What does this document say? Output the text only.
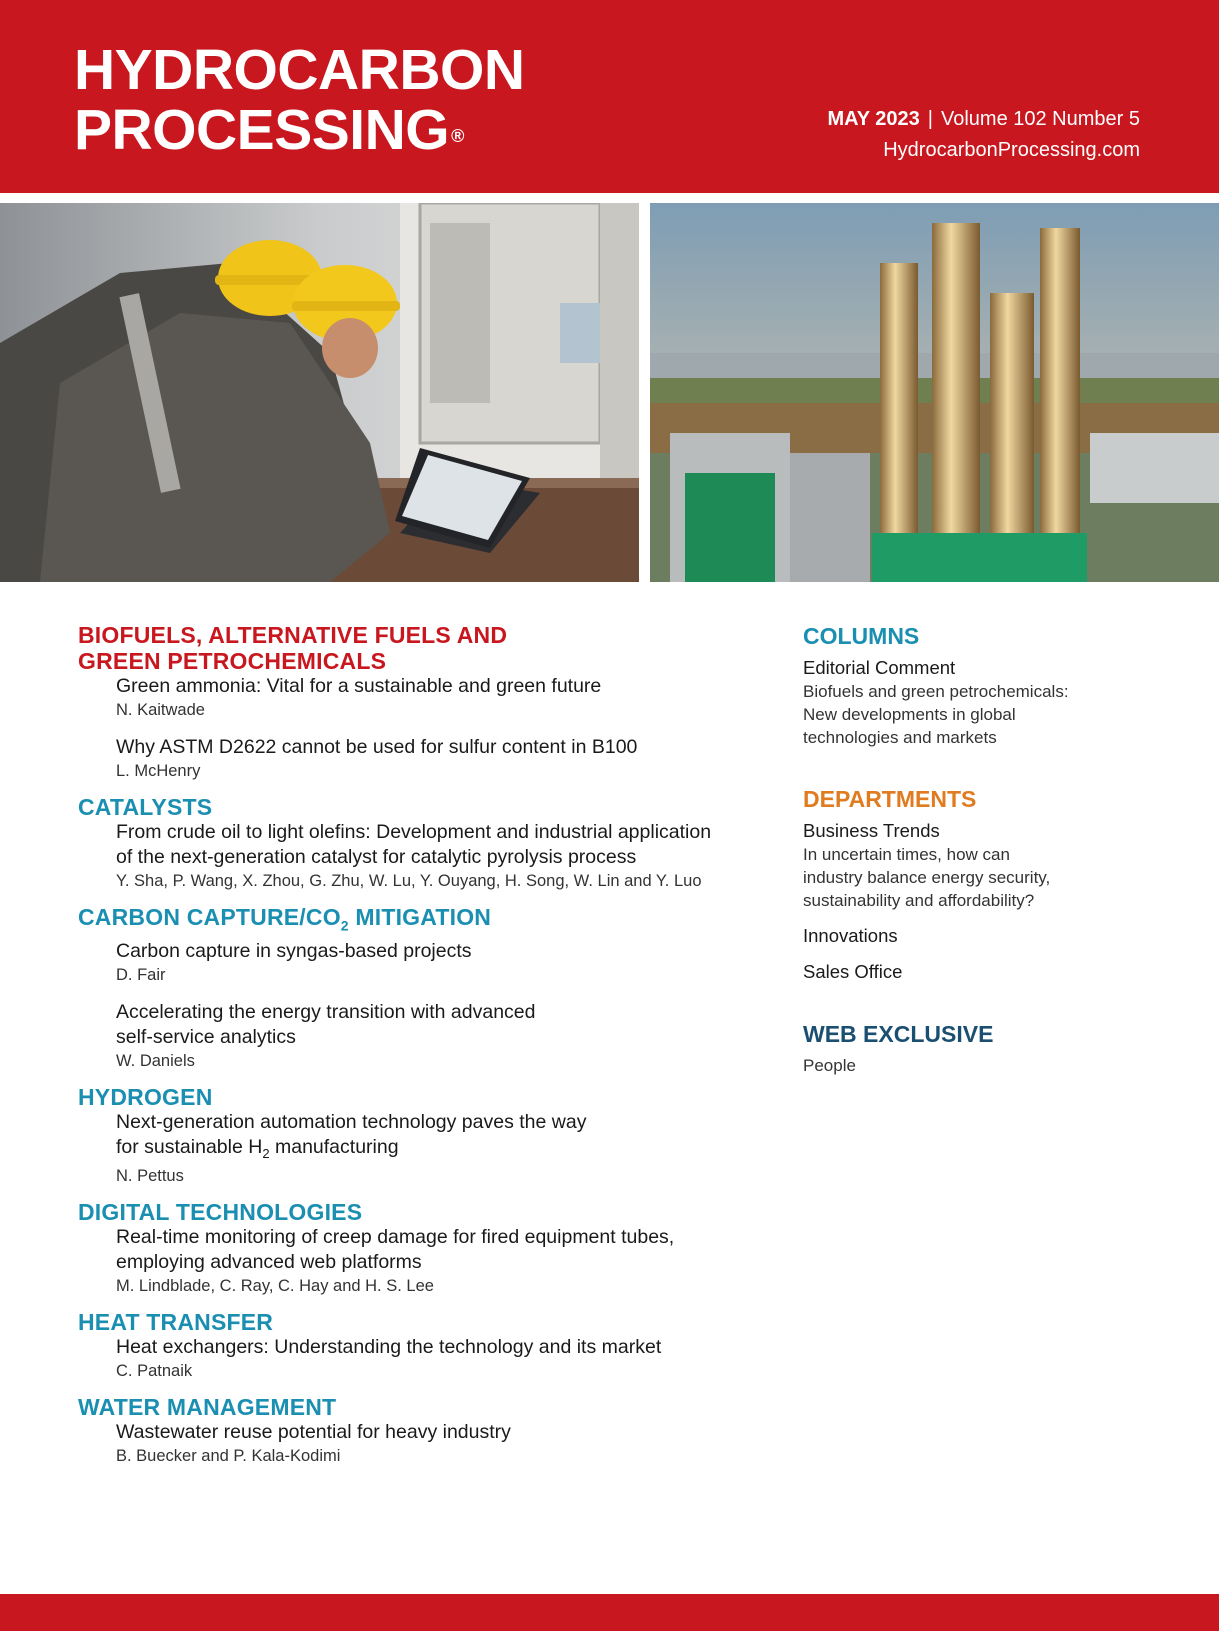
HYDROCARBON
PROCESSING ®
MAY 2023 | Volume 102 Number 5
HydrocarbonProcessing.com
BIOFUELS, ALTERNATIVE FUELS AND
GREEN PETROCHEMICALS
Green ammonia: Vital for a sustainable and green future
N. Kaitwade
Why ASTM D2622 cannot be used for sulfur content in B100
L. McHenry
CATALYSTS
From crude oil to light olefins: Development and industrial application
of the next-generation catalyst for catalytic pyrolysis process
Y. Sha, P. Wang, X. Zhou, G. Zhu, W. Lu, Y. Ouyang, H. Song, W. Lin and Y. Luo
CARBON CAPTURE/$CO_2$ MITIGATION
Carbon capture in syngas-based projects
D. Fair
Accelerating the energy transition with advanced
self-service analytics
W. Daniels
HYDROGEN
Next-generation automation technology paves the way
for sustainable $H_2$ manufacturing
N. Pettus
DIGITAL TECHNOLOGIES
Real-time monitoring of creep damage for fired equipment tubes,
employing advanced web platforms
M. Lindblade, C. Ray, C. Hay and H. S. Lee
HEAT TRANSFER
Heat exchangers: Understanding the technology and its market
C. Patnaik
WATER MANAGEMENT
Wastewater reuse potential for heavy industry
B. Buecker and P. Kala-Kodimi
COLUMNS
Editorial Comment
Biofuels and green petrochemicals:
New developments in global
technologies and markets
DEPARTMENTS
Business Trends
In uncertain times, how can
industry balance energy security,
sustainability and affordability?
Innovations
Sales Office
WEB EXCLUSIVE
People
